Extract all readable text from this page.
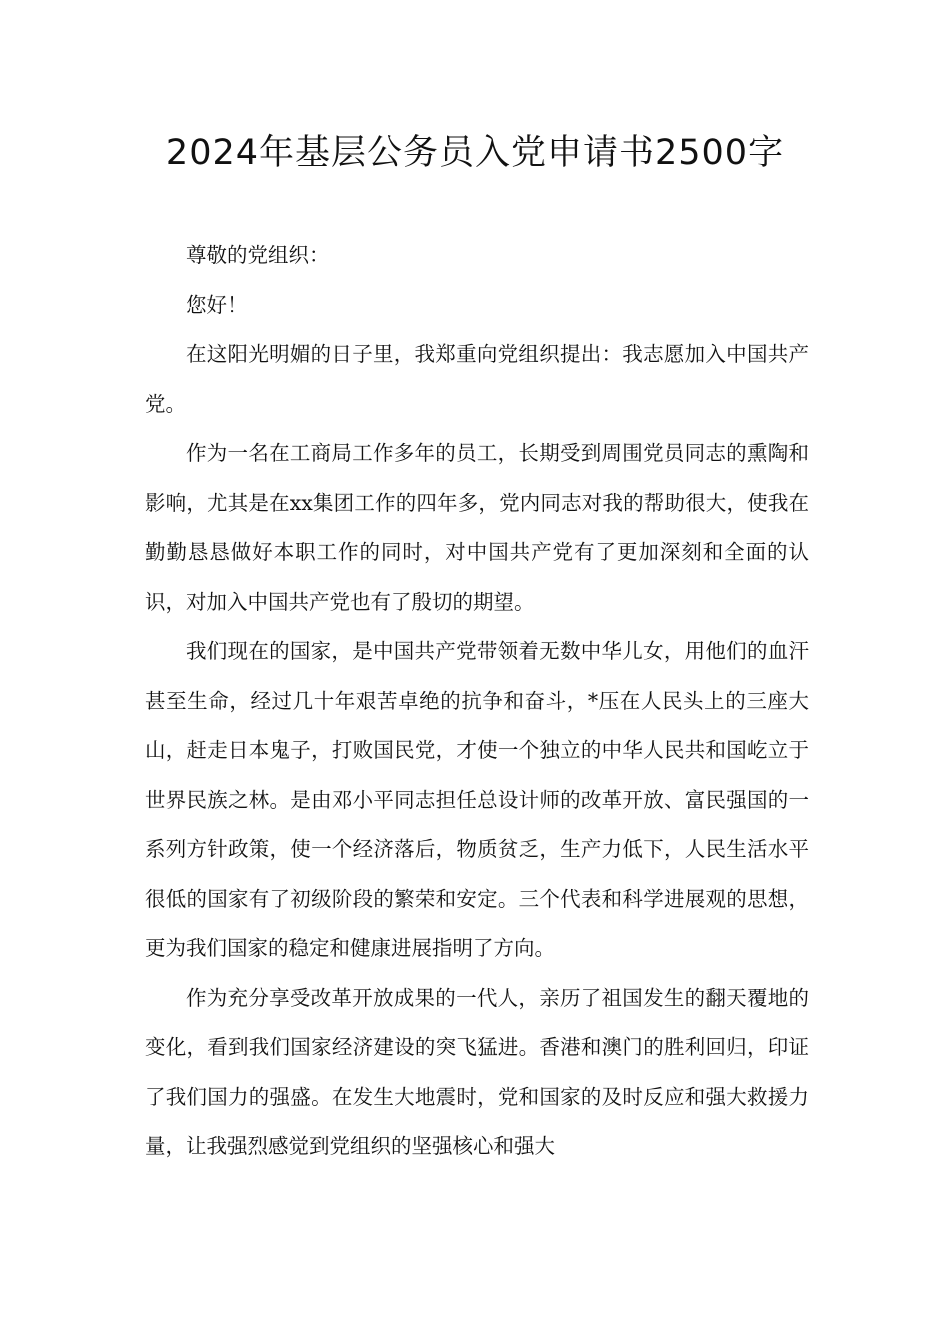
2024年基层公务员入党申请书2500字

尊敬的党组织：

您好！

在这阳光明媚的日子里，我郑重向党组织提出：我志愿加入中国共产党。

作为一名在工商局工作多年的员工，长期受到周围党员同志的熏陶和影响，尤其是在xx集团工作的四年多，党内同志对我的帮助很大，使我在勤勤恳恳做好本职工作的同时，对中国共产党有了更加深刻和全面的认识，对加入中国共产党也有了殷切的期望。

我们现在的国家，是中国共产党带领着无数中华儿女，用他们的血汗甚至生命，经过几十年艰苦卓绝的抗争和奋斗，*压在人民头上的三座大山，赶走日本鬼子，打败国民党，才使一个独立的中华人民共和国屹立于世界民族之林。是由邓小平同志担任总设计师的改革开放、富民强国的一系列方针政策，使一个经济落后，物质贫乏，生产力低下，人民生活水平很低的国家有了初级阶段的繁荣和安定。三个代表和科学进展观的思想，更为我们国家的稳定和健康进展指明了方向。

作为充分享受改革开放成果的一代人，亲历了祖国发生的翻天覆地的变化，看到我们国家经济建设的突飞猛进。香港和澳门的胜利回归，印证了我们国力的强盛。在发生大地震时，党和国家的及时反应和强大救援力量，让我强烈感觉到党组织的坚强核心和强大
